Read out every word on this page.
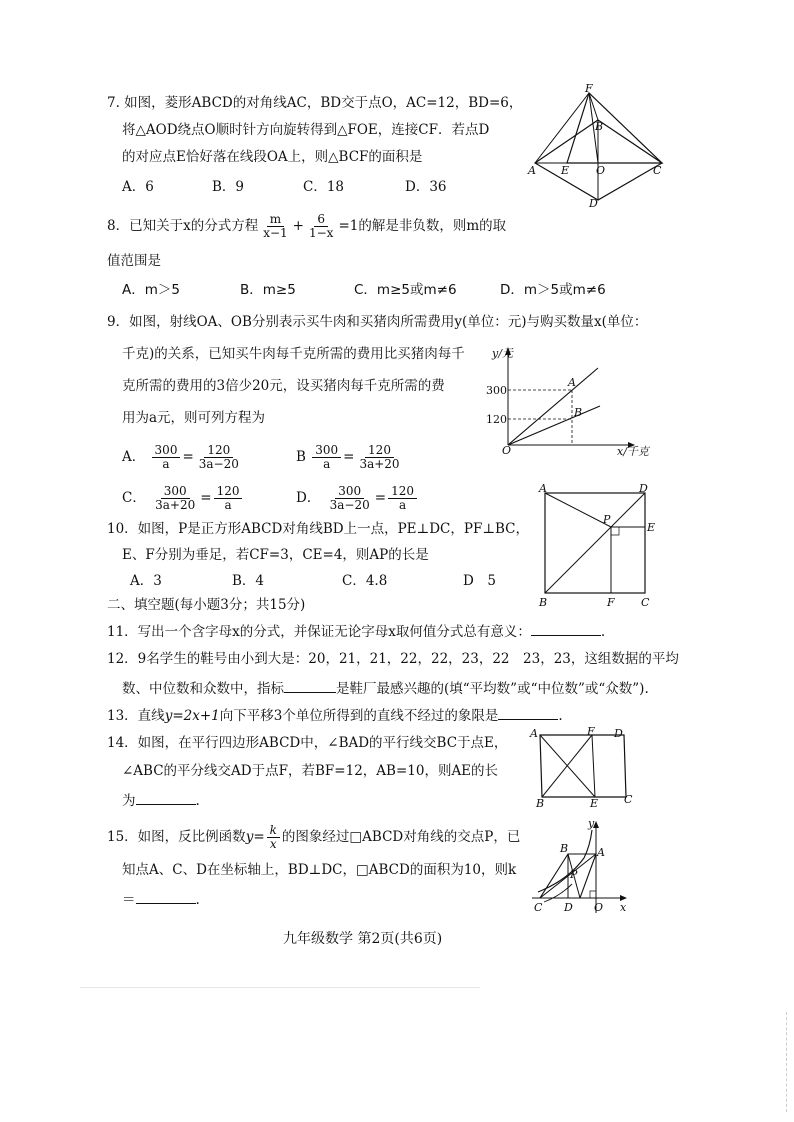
7. 如图，菱形ABCD的对角线AC，BD交于点O，AC=12，BD=6，
将△AOD绕点O顺时针方向旋转得到△FOE，连接CF．若点D
的对应点E恰好落在线段OA上，则△BCF的面积是
A．6	B．9	C．18	D．36
F
B
A E O	C
D
8．已知关于x的分式方程 $\frac{m}{x-1} + \frac{6}{1-x} =1$的解是非负数，则m的取
值范围是
A．m＞5	B．m≥5	C．m≥5或m≠6	D．m＞5或m≠6
9．如图，射线OA、OB分别表示买牛肉和买猪肉所需费用y(单位：元)与购买数量x(单位：
千克)的关系，已知买牛肉每千克所需的费用比买猪肉每千
克所需的费用的3倍少20元，设买猪肉每千克所需的费
用为a元，则可列方程为
A． $\frac{300}{a} = \frac{120}{3a-20}$	B $\frac{300}{a} = \frac{120}{3a+20}$
C． $\frac{300}{3a+20} = \frac{120}{a}$	D． $\frac{300}{3a-20} = \frac{120}{a}$
y/元
x/千克
O
300
120
A
B
10．如图，P是正方形ABCD对角线BD上一点，PE⊥DC，PF⊥BC，
E、F分别为垂足，若CF=3，CE=4，则AP的长是
A．3	B．4	C．4.8	D　5
A	D
P
E
B	F C
二、填空题(每小题3分；共15分)
11．写出一个含字母x的分式，并保证无论字母x取何值分式总有意义：	.
12．9名学生的鞋号由小到大是：20，21，21，22，22，23，22　23，23，这组数据的平均
数、中位数和众数中，指标	是鞋厂最感兴趣的(填“平均数”或“中位数”或“众数”).
13．直线y=2x+1向下平移3个单位所得到的直线不经过的象限是	.
14．如图，在平行四边形ABCD中，∠BAD的平行线交BC于点E，
∠ABC的平分线交AD于点F，若BF=12，AB=10，则AE的长
为	.
A	F D
B	E C
15．如图，反比例函数$y= \frac{k}{x}$ 的图象经过□ABCD对角线的交点P，已
知点A、C、D在坐标轴上，BD⊥DC，□ABCD的面积为10，则k
＝	.
y
B	A
P
C D O x
九年级数学 第2页(共6页)
